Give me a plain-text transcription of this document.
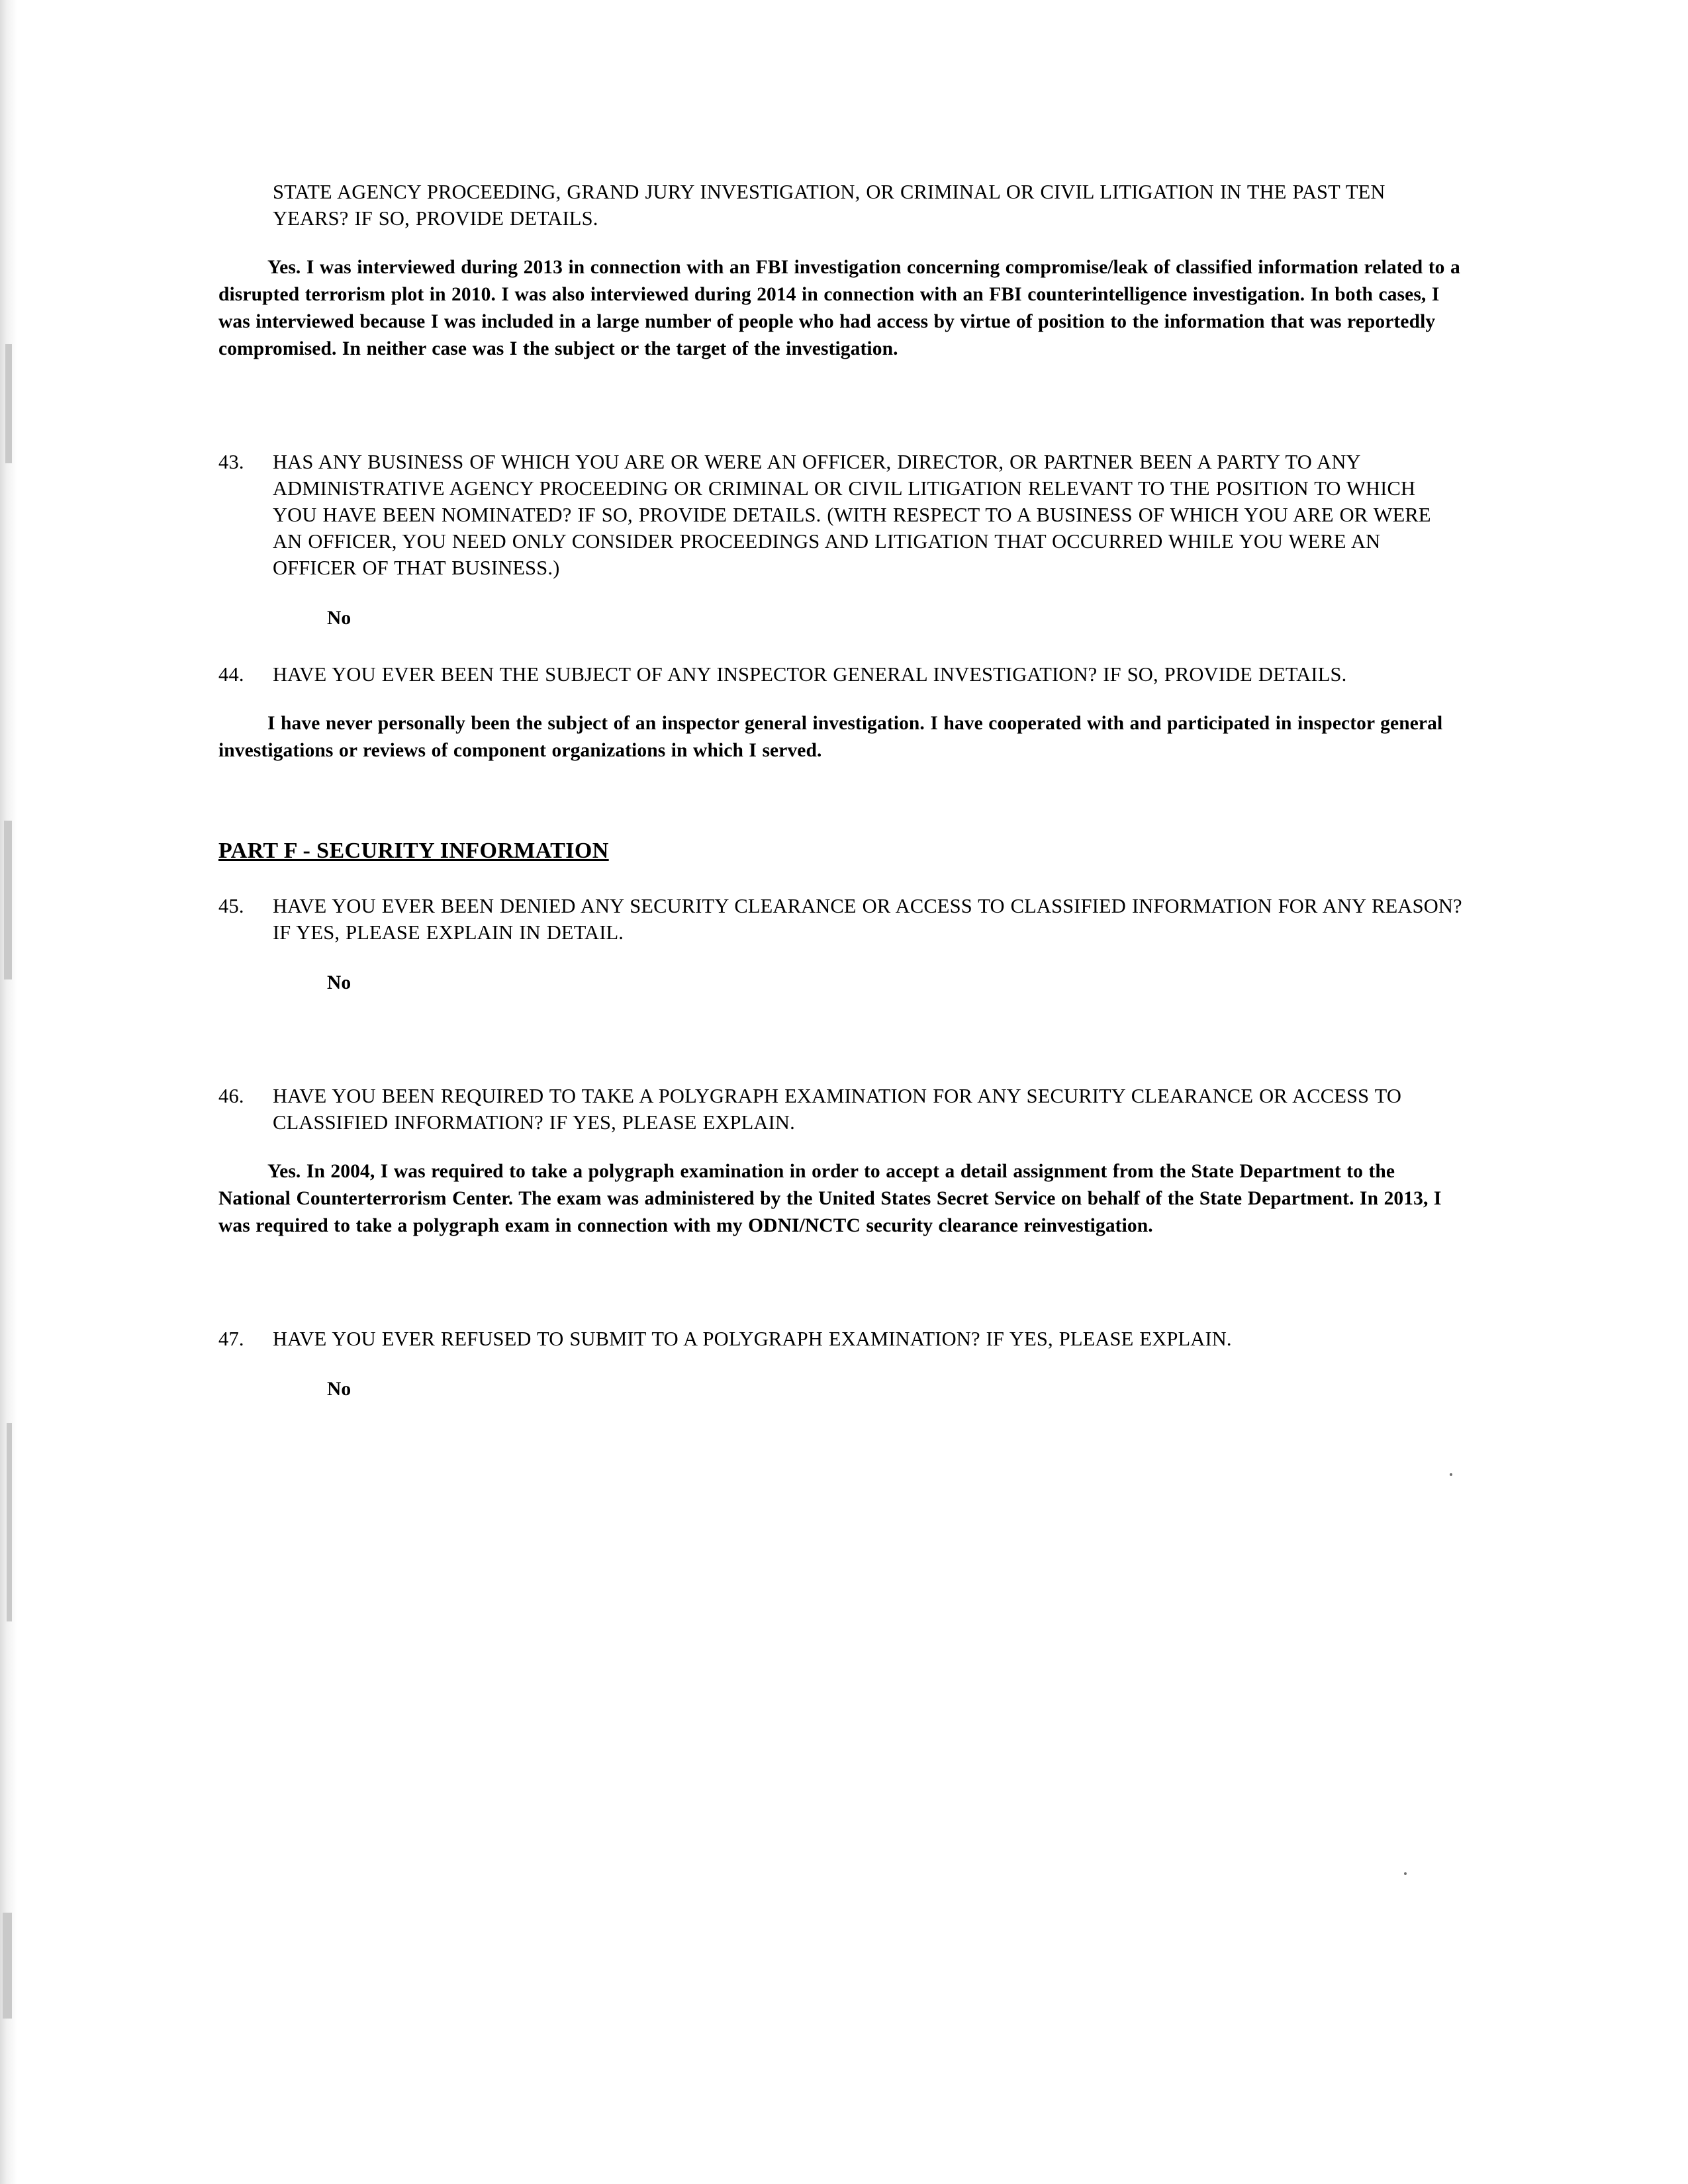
STATE AGENCY PROCEEDING, GRAND JURY INVESTIGATION, OR CRIMINAL OR CIVIL LITIGATION IN THE PAST TEN YEARS? IF SO, PROVIDE DETAILS.
Yes. I was interviewed during 2013 in connection with an FBI investigation concerning compromise/leak of classified information related to a disrupted terrorism plot in 2010. I was also interviewed during 2014 in connection with an FBI counterintelligence investigation. In both cases, I was interviewed because I was included in a large number of people who had access by virtue of position to the information that was reportedly compromised. In neither case was I the subject or the target of the investigation.
43.	HAS ANY BUSINESS OF WHICH YOU ARE OR WERE AN OFFICER, DIRECTOR, OR PARTNER BEEN A PARTY TO ANY ADMINISTRATIVE AGENCY PROCEEDING OR CRIMINAL OR CIVIL LITIGATION RELEVANT TO THE POSITION TO WHICH YOU HAVE BEEN NOMINATED? IF SO, PROVIDE DETAILS. (WITH RESPECT TO A BUSINESS OF WHICH YOU ARE OR WERE AN OFFICER, YOU NEED ONLY CONSIDER PROCEEDINGS AND LITIGATION THAT OCCURRED WHILE YOU WERE AN OFFICER OF THAT BUSINESS.)
No
44.	HAVE YOU EVER BEEN THE SUBJECT OF ANY INSPECTOR GENERAL INVESTIGATION? IF SO, PROVIDE DETAILS.
I have never personally been the subject of an inspector general investigation. I have cooperated with and participated in inspector general investigations or reviews of component organizations in which I served.
PART F - SECURITY INFORMATION
45.	HAVE YOU EVER BEEN DENIED ANY SECURITY CLEARANCE OR ACCESS TO CLASSIFIED INFORMATION FOR ANY REASON? IF YES, PLEASE EXPLAIN IN DETAIL.
No
46.	HAVE YOU BEEN REQUIRED TO TAKE A POLYGRAPH EXAMINATION FOR ANY SECURITY CLEARANCE OR ACCESS TO CLASSIFIED INFORMATION? IF YES, PLEASE EXPLAIN.
Yes. In 2004, I was required to take a polygraph examination in order to accept a detail assignment from the State Department to the National Counterterrorism Center. The exam was administered by the United States Secret Service on behalf of the State Department. In 2013, I was required to take a polygraph exam in connection with my ODNI/NCTC security clearance reinvestigation.
47.	HAVE YOU EVER REFUSED TO SUBMIT TO A POLYGRAPH EXAMINATION? IF YES, PLEASE EXPLAIN.
No
